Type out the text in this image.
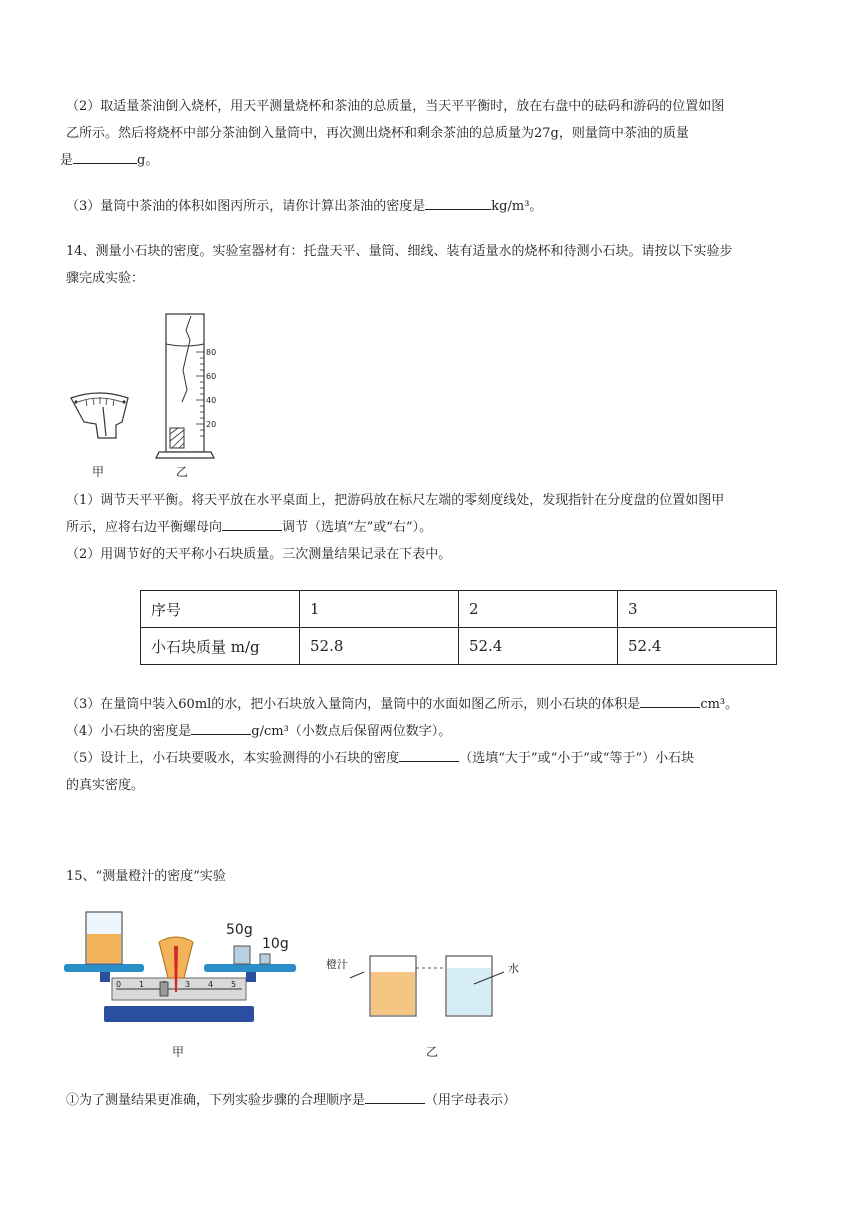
（2）取适量茶油倒入烧杯，用天平测量烧杯和茶油的总质量，当天平平衡时，放在右盘中的砝码和游码的位置如图
乙所示。然后将烧杯中部分茶油倒入量筒中，再次测出烧杯和剩余茶油的总质量为27g，则量筒中茶油的质量
是	g。
（3）量筒中茶油的体积如图丙所示，请你计算出茶油的密度是	kg/m³。
14、测量小石块的密度。实验室器材有：托盘天平、量筒、细线、装有适量水的烧杯和待测小石块。请按以下实验步
骤完成实验：
甲
80
60
40
20
乙
（1）调节天平平衡。将天平放在水平桌面上，把游码放在标尺左端的零刻度线处，发现指针在分度盘的位置如图甲
所示，应将右边平衡螺母向	调节（选填“左”或“右”）。
（2）用调节好的天平称小石块质量。三次测量结果记录在下表中。
序号	1	2	3
小石块质量 m/g	52.8	52.4	52.4
（3）在量筒中装入60ml的水，把小石块放入量筒内，量筒中的水面如图乙所示，则小石块的体积是	cm³。
（4）小石块的密度是	g/cm³（小数点后保留两位数字）。
（5）设计上，小石块要吸水，本实验测得的小石块的密度	（选填“大于”或“小于”或“等于”）小石块
的真实密度。
15、“测量橙汁的密度”实验
0 1	3 4 5
50g
10g
甲
橙汁	水
乙
①为了测量结果更准确，下列实验步骤的合理顺序是	（用字母表示）
